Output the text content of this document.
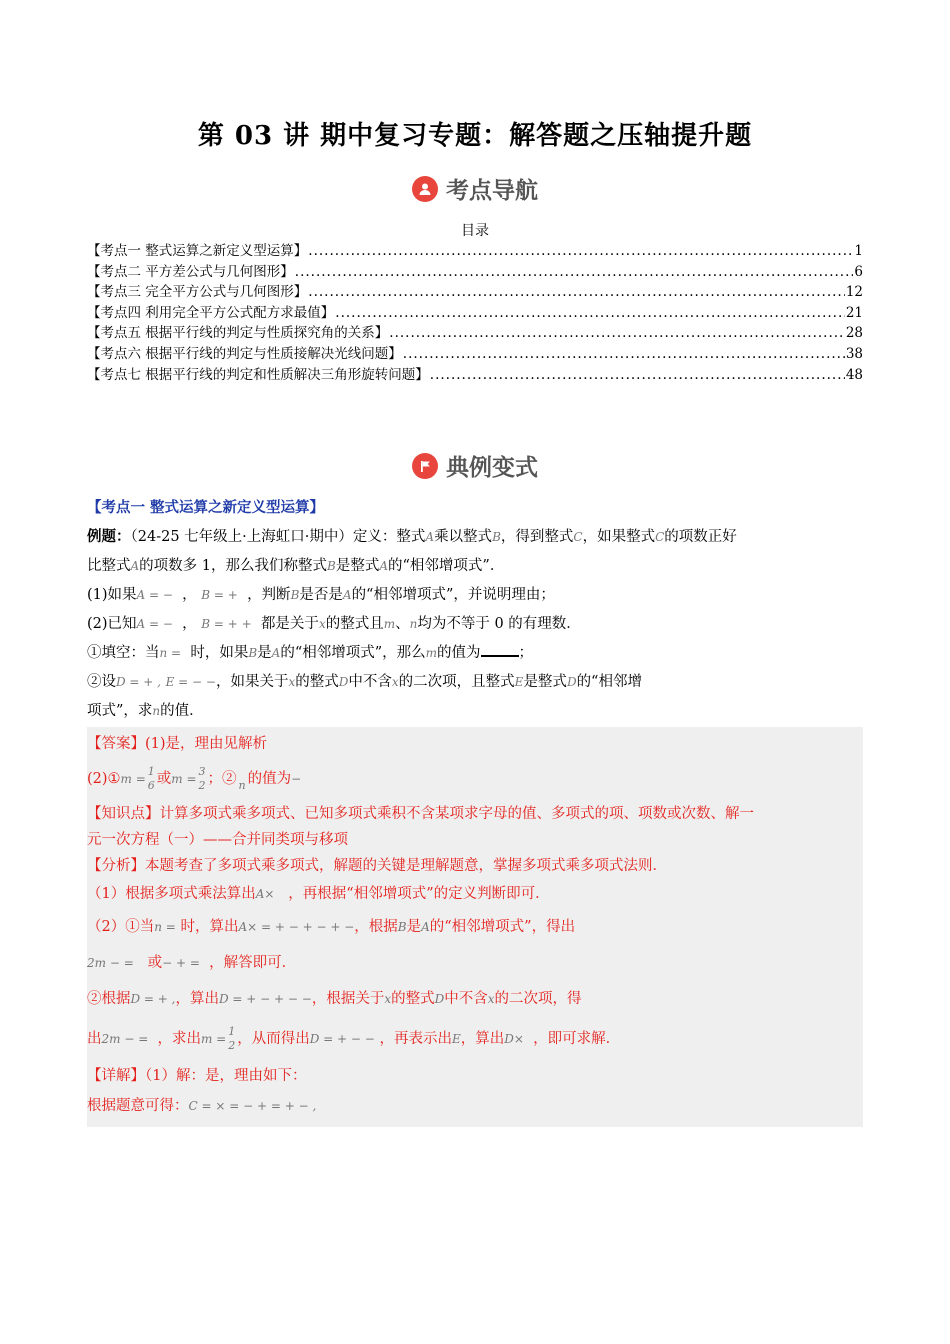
第 03 讲 期中复习专题：解答题之压轴提升题
考点导航
目录
【考点一 整式运算之新定义型运算】 .....	1
【考点二 平方差公式与几何图形】 .....	6
【考点三 完全平方公式与几何图形】 .....	12
【考点四 利用完全平方公式配方求最值】 .....	21
【考点五 根据平行线的判定与性质探究角的关系】 .....	28
【考点六 根据平行线的判定与性质接解决光线问题】 .....	38
【考点七 根据平行线的判定和性质解决三角形旋转问题】 .....	48
典例变式
【考点一 整式运算之新定义型运算】
例题：（24-25 七年级上·上海虹口·期中）定义：整式A乘以整式B，得到整式C，如果整式C的项数正好
比整式A的项数多 1，那么我们称整式B是整式A的“相邻增项式”．
(1)如果A = −  ， B = + ，判断B是否是A的“相邻增项式”，并说明理由；
(2)已知A = −  ， B = + + 都是关于x的整式且m、n均为不等于 0 的有理数．
①填空：当n = 时，如果B是A的“相邻增项式”，那么m的值为	；
②设D = + , E = − −，如果关于x的整式D中不含x的二次项，且整式E是整式D的“相邻增
项式”，求n的值．
【答案】(1)是，理由见解析
(2)①m =1
6 或m =3
2 ；② n 的值为−
【知识点】计算多项式乘多项式、已知多项式乘积不含某项求字母的值、多项式的项、项数或次数、解一
元一次方程（一）——合并同类项与移项
【分析】本题考查了多项式乘多项式，解题的关键是理解题意，掌握多项式乘多项式法则．
（1）根据多项式乘法算出A× ，再根据“相邻增项式”的定义判断即可．
（2）①当n = 时，算出A× = + − + − + −，根据B是A的“相邻增项式”，得出
2m − = 或− + = ，解答即可．
②根据D = + ,，算出D = + − + − −，根据关于x的整式D中不含x的二次项，得
出2m − = ，求出m =1
2 ，从而得出D = + − − ，再表示出E，算出D× ，即可求解．
【详解】（1）解：是，理由如下：
根据题意可得：C = × = − + = + − ,
